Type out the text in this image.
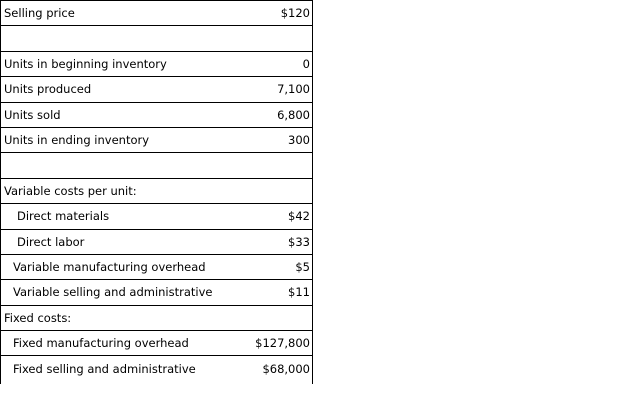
Selling price	$120
Units in beginning inventory	0
Units produced	7,100
Units sold	6,800
Units in ending inventory	300
Variable costs per unit:
Direct materials	$42
Direct labor	$33
Variable manufacturing overhead	$5
Variable selling and administrative	$11
Fixed costs:
Fixed manufacturing overhead	$127,800
Fixed selling and administrative	$68,000
